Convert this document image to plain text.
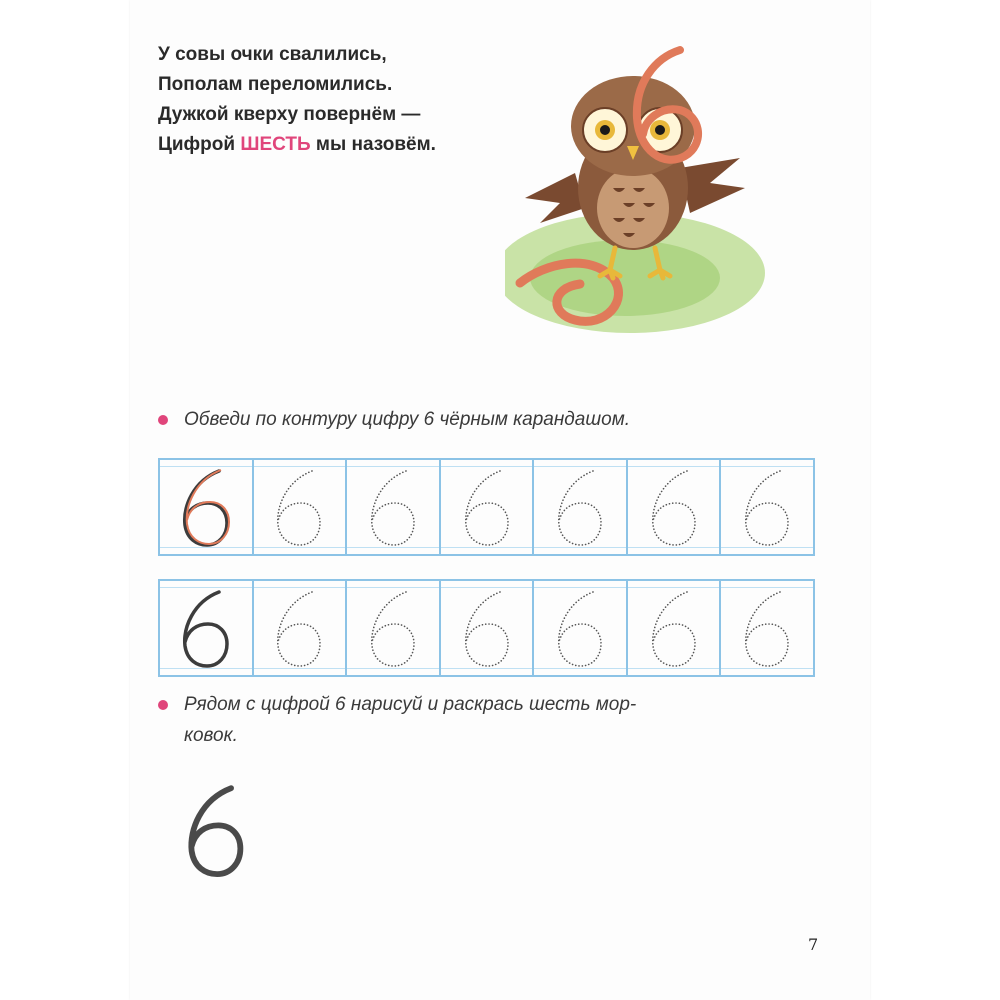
У совы очки свалились,
Пополам переломились.
Дужкой кверху повернём —
Цифрой ШЕСТЬ мы назовём.
Обведи по контуру цифру 6 чёрным карандашом.
Рядом с цифрой 6 нарисуй и раскрась шесть мор-
ковок.
7
